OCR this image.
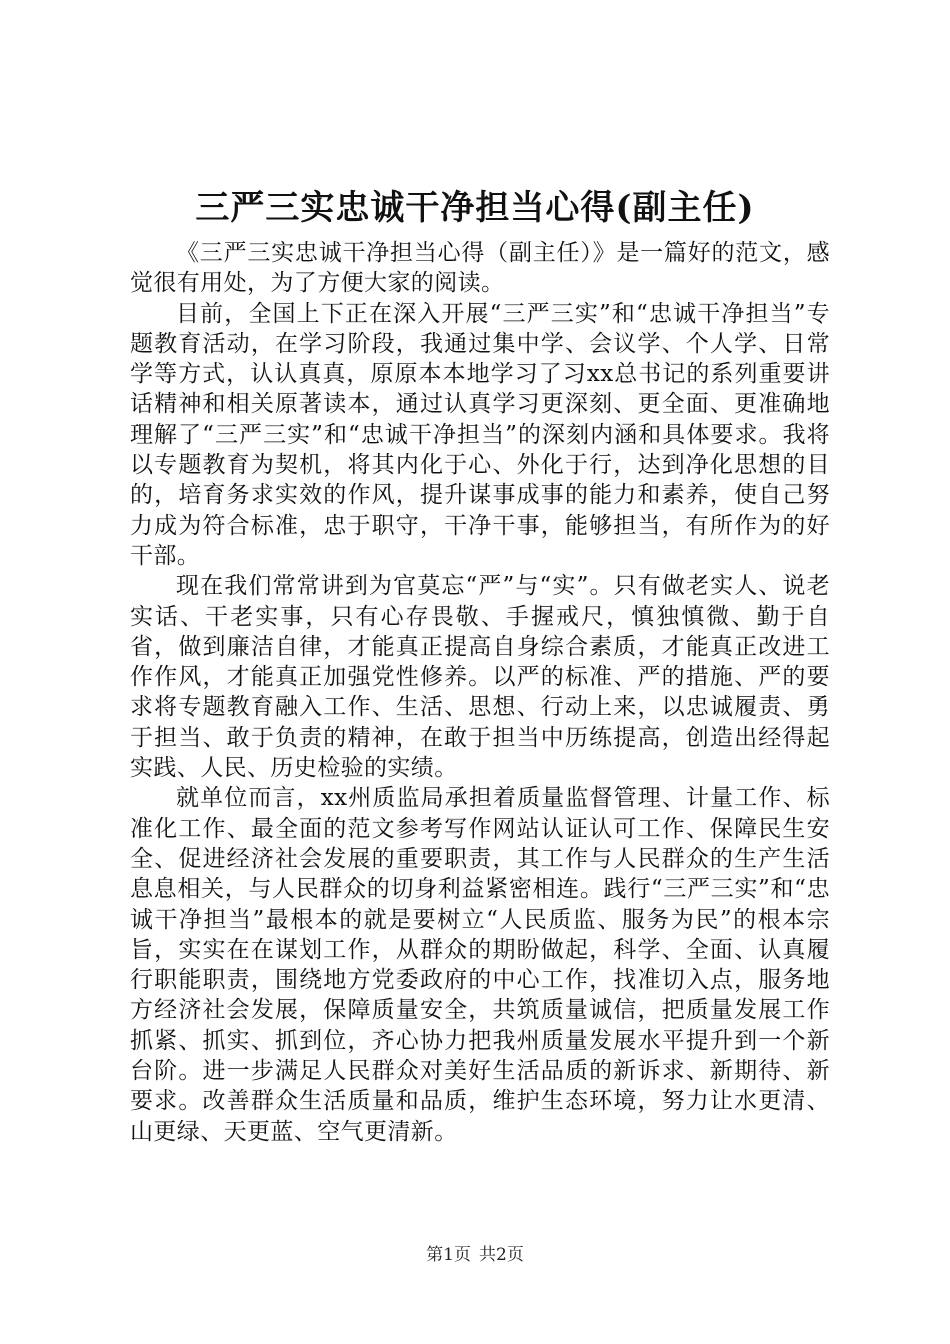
三严三实忠诚干净担当心得(副主任)

《三严三实忠诚干净担当心得（副主任）》是一篇好的范文，感觉很有用处，为了方便大家的阅读。

目前，全国上下正在深入开展“三严三实”和“忠诚干净担当”专题教育活动，在学习阶段，我通过集中学、会议学、个人学、日常学等方式，认认真真，原原本本地学习了习xx总书记的系列重要讲话精神和相关原著读本，通过认真学习更深刻、更全面、更准确地理解了“三严三实”和“忠诚干净担当”的深刻内涵和具体要求。我将以专题教育为契机，将其内化于心、外化于行，达到净化思想的目的，培育务求实效的作风，提升谋事成事的能力和素养，使自己努力成为符合标准，忠于职守，干净干事，能够担当，有所作为的好干部。

现在我们常常讲到为官莫忘“严”与“实”。只有做老实人、说老实话、干老实事，只有心存畏敬、手握戒尺，慎独慎微、勤于自省，做到廉洁自律，才能真正提高自身综合素质，才能真正改进工作作风，才能真正加强党性修养。以严的标准、严的措施、严的要求将专题教育融入工作、生活、思想、行动上来，以忠诚履责、勇于担当、敢于负责的精神，在敢于担当中历练提高，创造出经得起实践、人民、历史检验的实绩。

就单位而言，xx州质监局承担着质量监督管理、计量工作、标准化工作、最全面的范文参考写作网站认证认可工作、保障民生安全、促进经济社会发展的重要职责，其工作与人民群众的生产生活息息相关，与人民群众的切身利益紧密相连。践行“三严三实”和“忠诚干净担当”最根本的就是要树立“人民质监、服务为民”的根本宗旨，实实在在谋划工作，从群众的期盼做起，科学、全面、认真履行职能职责，围绕地方党委政府的中心工作，找准切入点，服务地方经济社会发展，保障质量安全，共筑质量诚信，把质量发展工作抓紧、抓实、抓到位，齐心协力把我州质量发展水平提升到一个新台阶。进一步满足人民群众对美好生活品质的新诉求、新期待、新要求。改善群众生活质量和品质，维护生态环境，努力让水更清、山更绿、天更蓝、空气更清新。

第1页 共2页
